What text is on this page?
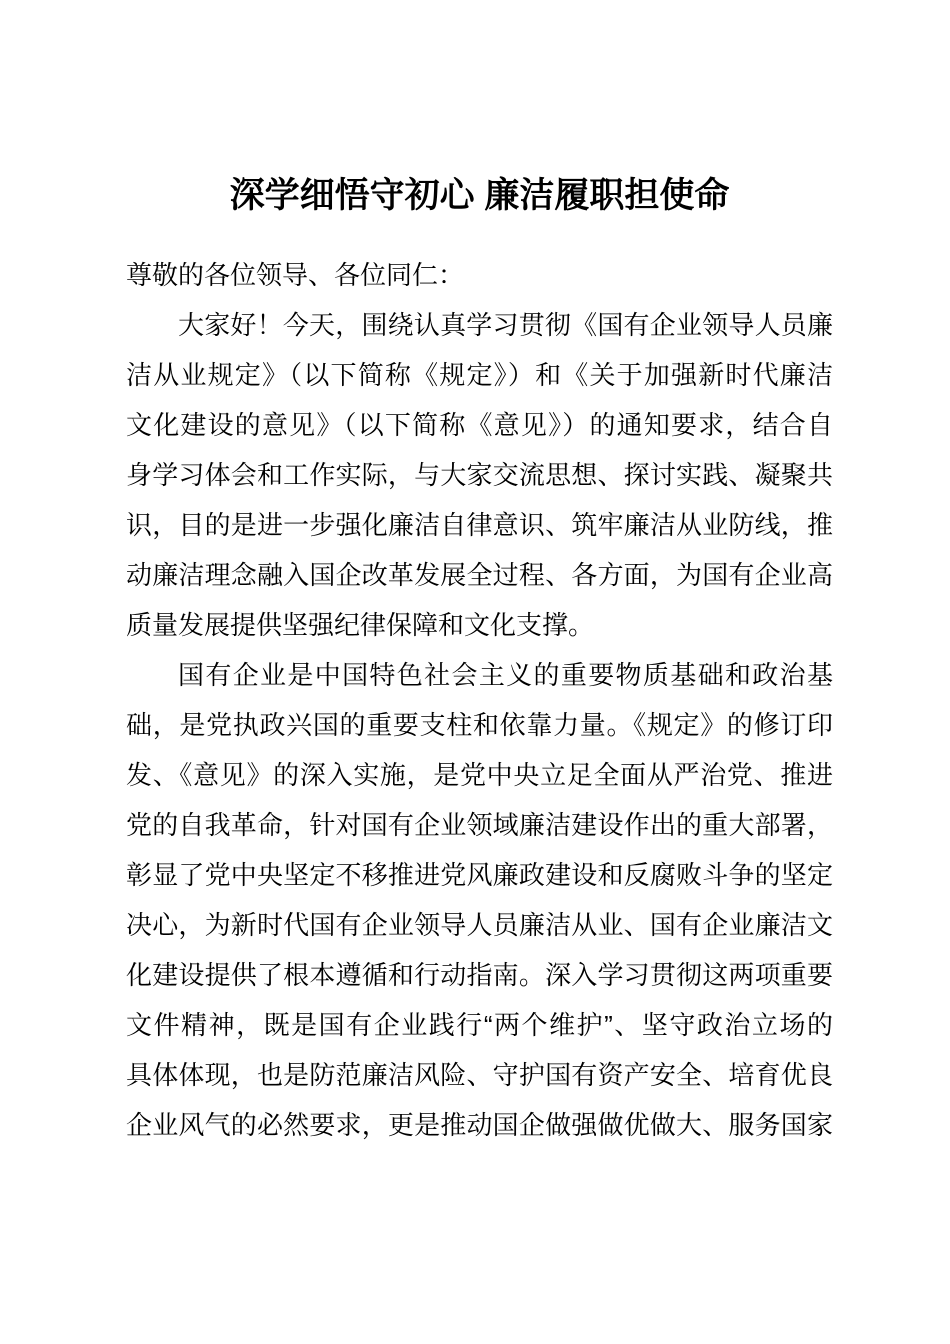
深学细悟守初心 廉洁履职担使命
尊敬的各位领导、各位同仁：
大家好！今天，围绕认真学习贯彻《国有企业领导人员廉
洁从业规定》（以下简称《规定》）和《关于加强新时代廉洁
文化建设的意见》（以下简称《意见》）的通知要求，结合自
身学习体会和工作实际，与大家交流思想、探讨实践、凝聚共
识，目的是进一步强化廉洁自律意识、筑牢廉洁从业防线，推
动廉洁理念融入国企改革发展全过程、各方面，为国有企业高
质量发展提供坚强纪律保障和文化支撑。
国有企业是中国特色社会主义的重要物质基础和政治基
础，是党执政兴国的重要支柱和依靠力量。《规定》的修订印
发、《意见》的深入实施，是党中央立足全面从严治党、推进
党的自我革命，针对国有企业领域廉洁建设作出的重大部署，
彰显了党中央坚定不移推进党风廉政建设和反腐败斗争的坚定
决心，为新时代国有企业领导人员廉洁从业、国有企业廉洁文
化建设提供了根本遵循和行动指南。深入学习贯彻这两项重要
文件精神，既是国有企业践行“两个维护”、坚守政治立场的
具体体现，也是防范廉洁风险、守护国有资产安全、培育优良
企业风气的必然要求，更是推动国企做强做优做大、服务国家
